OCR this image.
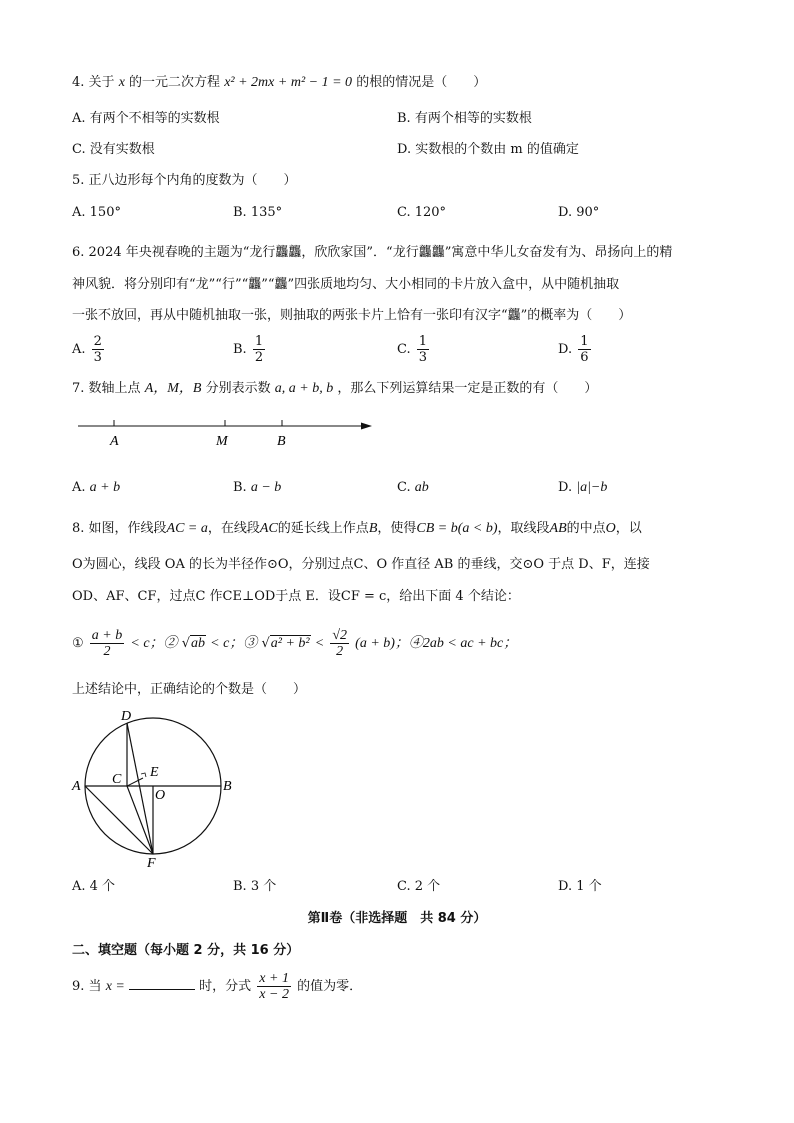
4. 关于 x 的一元二次方程 x² + 2mx + m² − 1 = 0 的根的情况是（　　）
A. 有两个不相等的实数根	B. 有两个相等的实数根
C. 没有实数根	D. 实数根的个数由 m 的值确定
5. 正八边形每个内角的度数为（　　）
A. 150°	B. 135°	C. 120°	D. 90°
6. 2024 年央视春晚的主题为“龙行龘龘，欣欣家国”．“龙行龘龘”寓意中华儿女奋发有为、昂扬向上的精
神风貌．将分别印有“龙”“行”“龘”“龘”四张质地均匀、大小相同的卡片放入盒中，从中随机抽取
一张不放回，再从中随机抽取一张，则抽取的两张卡片上恰有一张印有汉字“龘”的概率为（　　）
A. $\frac{2}{3}$	B. $\frac{1}{2}$	C. $\frac{1}{3}$	D. $\frac{1}{6}$
7. 数轴上点 A，M，B 分别表示数 a, a + b, b ，那么下列运算结果一定是正数的有（　　）
A	M	B
A. a + b	B. a − b	C. ab	D. |a|−b
8. 如图，作线段AC = a，在线段AC的延长线上作点B，使得CB = b(a < b)，取线段AB的中点O，以
O为圆心，线段 OA 的长为半径作⊙O，分别过点C、O 作直径 AB 的垂线，交⊙O 于点 D、F，连接
OD、AF、CF，过点C 作CE⊥OD于点 E．设CF = c，给出下面 4 个结论：
① $\frac{a + b}{2} < c$；② √ab < c；③ $√a^2 + b^2 < \frac{√2}{2} (a + b)$；④2ab < ac + bc；
上述结论中，正确结论的个数是（　　）
D
E
C
A
O
B
F
A. 4 个	B. 3 个	C. 2 个	D. 1 个
第Ⅱ卷（非选择题　共 84 分）
二、填空题（每小题 2 分，共 16 分）
9. 当 x =	时，分式 $\frac{x + 1}{x - 2}$ 的值为零．
